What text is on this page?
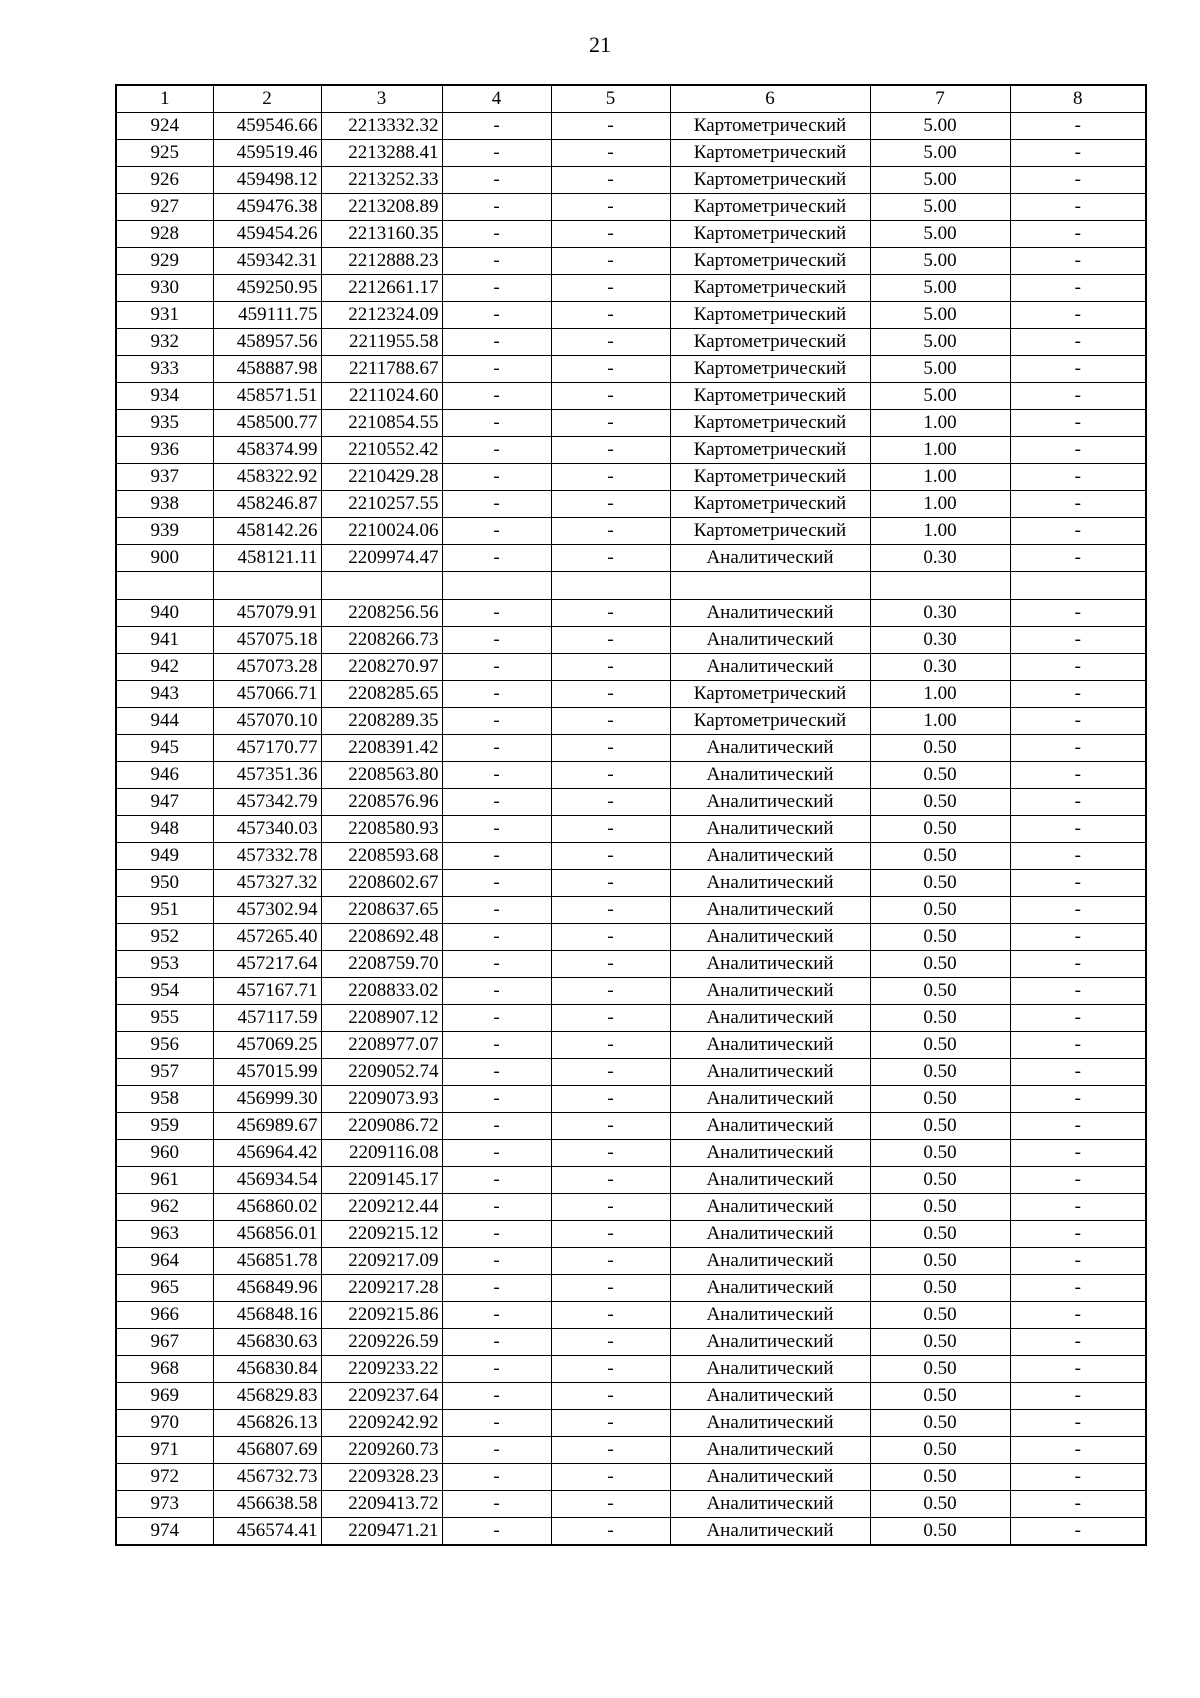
21
1	2	3	4	5	6	7	8
924	459546.66	2213332.32	-	-	Картометрический	5.00	-
925	459519.46	2213288.41	-	-	Картометрический	5.00	-
926	459498.12	2213252.33	-	-	Картометрический	5.00	-
927	459476.38	2213208.89	-	-	Картометрический	5.00	-
928	459454.26	2213160.35	-	-	Картометрический	5.00	-
929	459342.31	2212888.23	-	-	Картометрический	5.00	-
930	459250.95	2212661.17	-	-	Картометрический	5.00	-
931	459111.75	2212324.09	-	-	Картометрический	5.00	-
932	458957.56	2211955.58	-	-	Картометрический	5.00	-
933	458887.98	2211788.67	-	-	Картометрический	5.00	-
934	458571.51	2211024.60	-	-	Картометрический	5.00	-
935	458500.77	2210854.55	-	-	Картометрический	1.00	-
936	458374.99	2210552.42	-	-	Картометрический	1.00	-
937	458322.92	2210429.28	-	-	Картометрический	1.00	-
938	458246.87	2210257.55	-	-	Картометрический	1.00	-
939	458142.26	2210024.06	-	-	Картометрический	1.00	-
900	458121.11	2209974.47	-	-	Аналитический	0.30	-

940	457079.91	2208256.56	-	-	Аналитический	0.30	-
941	457075.18	2208266.73	-	-	Аналитический	0.30	-
942	457073.28	2208270.97	-	-	Аналитический	0.30	-
943	457066.71	2208285.65	-	-	Картометрический	1.00	-
944	457070.10	2208289.35	-	-	Картометрический	1.00	-
945	457170.77	2208391.42	-	-	Аналитический	0.50	-
946	457351.36	2208563.80	-	-	Аналитический	0.50	-
947	457342.79	2208576.96	-	-	Аналитический	0.50	-
948	457340.03	2208580.93	-	-	Аналитический	0.50	-
949	457332.78	2208593.68	-	-	Аналитический	0.50	-
950	457327.32	2208602.67	-	-	Аналитический	0.50	-
951	457302.94	2208637.65	-	-	Аналитический	0.50	-
952	457265.40	2208692.48	-	-	Аналитический	0.50	-
953	457217.64	2208759.70	-	-	Аналитический	0.50	-
954	457167.71	2208833.02	-	-	Аналитический	0.50	-
955	457117.59	2208907.12	-	-	Аналитический	0.50	-
956	457069.25	2208977.07	-	-	Аналитический	0.50	-
957	457015.99	2209052.74	-	-	Аналитический	0.50	-
958	456999.30	2209073.93	-	-	Аналитический	0.50	-
959	456989.67	2209086.72	-	-	Аналитический	0.50	-
960	456964.42	2209116.08	-	-	Аналитический	0.50	-
961	456934.54	2209145.17	-	-	Аналитический	0.50	-
962	456860.02	2209212.44	-	-	Аналитический	0.50	-
963	456856.01	2209215.12	-	-	Аналитический	0.50	-
964	456851.78	2209217.09	-	-	Аналитический	0.50	-
965	456849.96	2209217.28	-	-	Аналитический	0.50	-
966	456848.16	2209215.86	-	-	Аналитический	0.50	-
967	456830.63	2209226.59	-	-	Аналитический	0.50	-
968	456830.84	2209233.22	-	-	Аналитический	0.50	-
969	456829.83	2209237.64	-	-	Аналитический	0.50	-
970	456826.13	2209242.92	-	-	Аналитический	0.50	-
971	456807.69	2209260.73	-	-	Аналитический	0.50	-
972	456732.73	2209328.23	-	-	Аналитический	0.50	-
973	456638.58	2209413.72	-	-	Аналитический	0.50	-
974	456574.41	2209471.21	-	-	Аналитический	0.50	-
